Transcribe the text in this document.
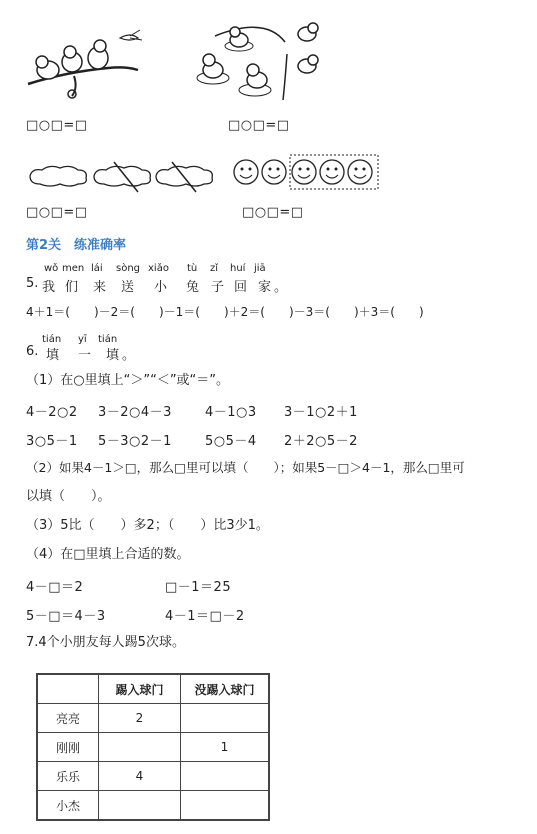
□○□=□	□○□=□
□○□=□	□○□=□
第2关　练准确率
wǒ men lái sòng xiǎo tù zǐ huí jiā
5. 我 们 来 送 小 兔 子 回 家 。
4＋1＝(　　)－2＝(　　)－1＝(　　)＋2＝(　　)－3＝(　　)＋3＝(　　)
tián yī tián
6. 填 一 填 。
（1）在○里填上“＞”“＜”或“＝”。
4－2○2 3－2○4－3	4－1○3 3－1○2＋1
3○5－1 5－3○2－1	5○5－4 2＋2○5－2
（2）如果4－1＞□，那么□里可以填（　　）；如果5－□＞4－1，那么□里可
以填（　　）。
（3）5比（　　）多2；（　　）比3少1。
（4）在□里填上合适的数。
4－□＝2	□－1＝25
5－□＝4－3	4－1＝□－2
7.4个小朋友每人踢5次球。
	踢入球门	没踢入球门
亮亮	2	
刚刚		1
乐乐	4	
小杰		
